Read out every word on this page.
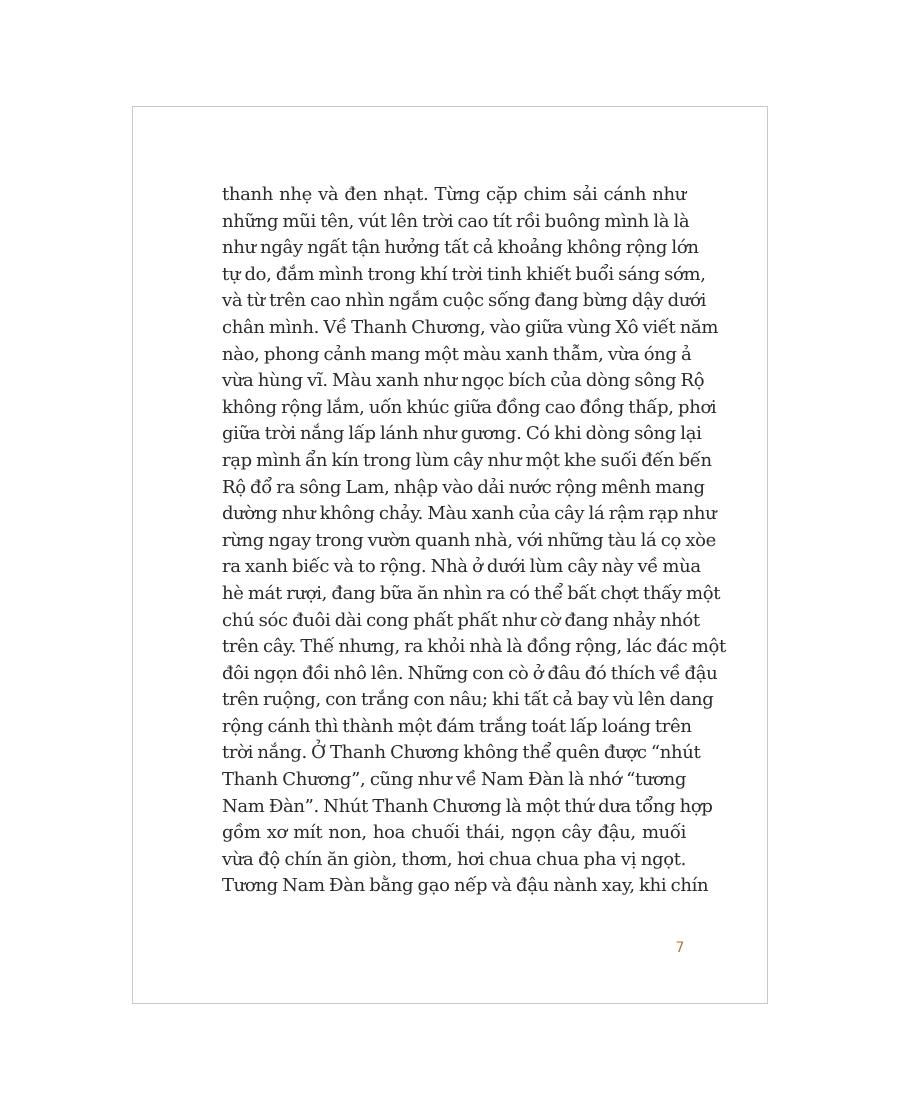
thanh nhẹ và đen nhạt. Từng cặp chim sải cánh như
những mũi tên, vút lên trời cao tít rồi buông mình là là
như ngây ngất tận hưởng tất cả khoảng không rộng lớn
tự do, đắm mình trong khí trời tinh khiết buổi sáng sớm,
và từ trên cao nhìn ngắm cuộc sống đang bừng dậy dưới
chân mình. Về Thanh Chương, vào giữa vùng Xô viết năm
nào, phong cảnh mang một màu xanh thẫm, vừa óng ả
vừa hùng vĩ. Màu xanh như ngọc bích của dòng sông Rộ
không rộng lắm, uốn khúc giữa đồng cao đồng thấp, phơi
giữa trời nắng lấp lánh như gương. Có khi dòng sông lại
rạp mình ẩn kín trong lùm cây như một khe suối đến bến
Rộ đổ ra sông Lam, nhập vào dải nước rộng mênh mang
dường như không chảy. Màu xanh của cây lá rậm rạp như
rừng ngay trong vườn quanh nhà, với những tàu lá cọ xòe
ra xanh biếc và to rộng. Nhà ở dưới lùm cây này về mùa
hè mát rượi, đang bữa ăn nhìn ra có thể bất chợt thấy một
chú sóc đuôi dài cong phất phất như cờ đang nhảy nhót
trên cây. Thế nhưng, ra khỏi nhà là đồng rộng, lác đác một
đôi ngọn đồi nhô lên. Những con cò ở đâu đó thích về đậu
trên ruộng, con trắng con nâu; khi tất cả bay vù lên dang
rộng cánh thì thành một đám trắng toát lấp loáng trên
trời nắng. Ở Thanh Chương không thể quên được “nhút
Thanh Chương”, cũng như về Nam Đàn là nhớ “tương
Nam Đàn”. Nhút Thanh Chương là một thứ dưa tổng hợp
gồm xơ mít non, hoa chuối thái, ngọn cây đậu, muối
vừa độ chín ăn giòn, thơm, hơi chua chua pha vị ngọt.
Tương Nam Đàn bằng gạo nếp và đậu nành xay, khi chín
7
